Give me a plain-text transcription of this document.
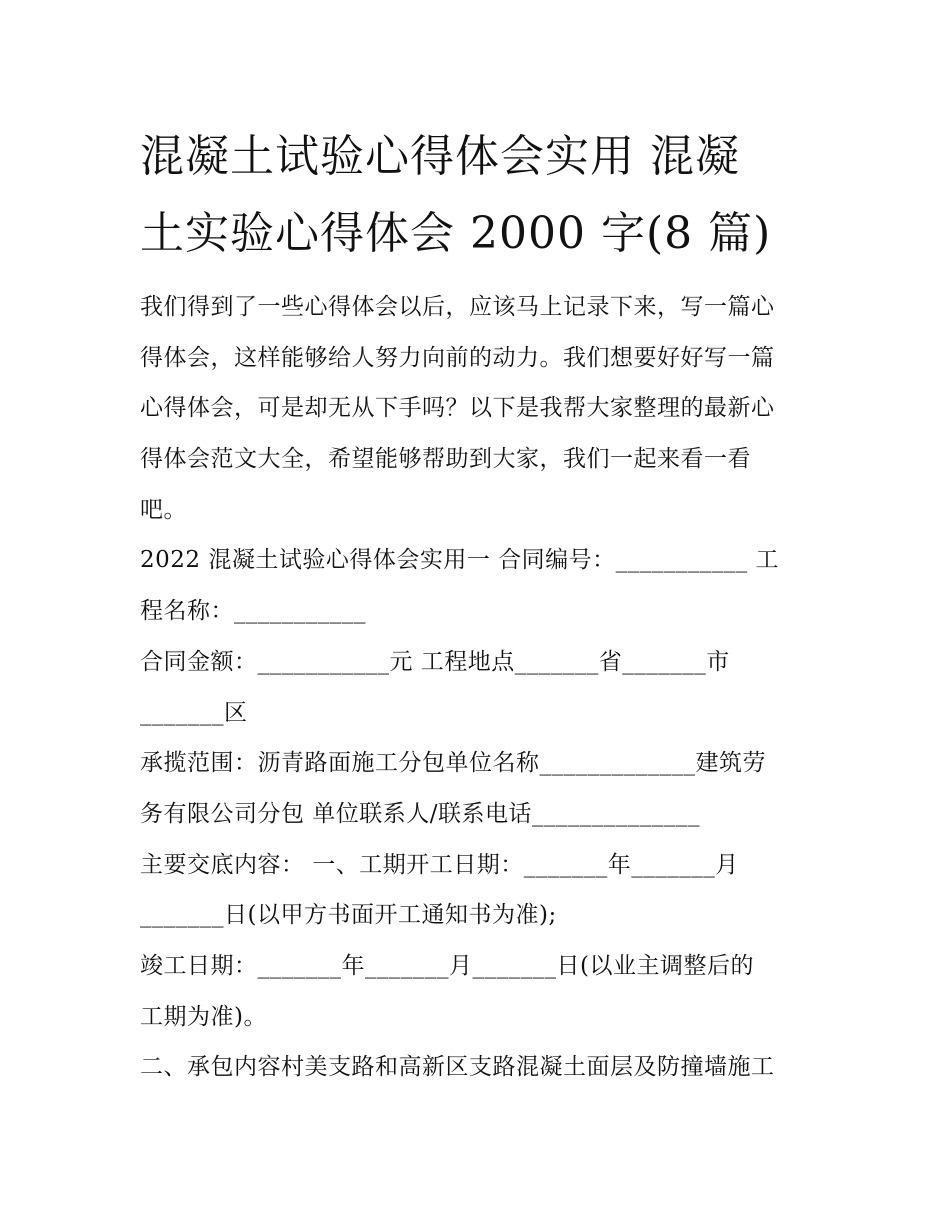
混凝土试验心得体会实用 混凝
土实验心得体会 2000 字(8 篇)
我们得到了一些心得体会以后，应该马上记录下来，写一篇心
得体会，这样能够给人努力向前的动力。我们想要好好写一篇
心得体会，可是却无从下手吗？以下是我帮大家整理的最新心
得体会范文大全，希望能够帮助到大家，我们一起来看一看
吧。
2022 混凝土试验心得体会实用一 合同编号：___________ 工
程名称：___________
合同金额：___________元 工程地点_______省_______市
_______区
承揽范围：沥青路面施工分包单位名称_____________建筑劳
务有限公司分包 单位联系人/联系电话______________
主要交底内容： 一、工期开工日期：_______年_______月
_______日(以甲方书面开工通知书为准);
竣工日期：_______年_______月_______日(以业主调整后的
工期为准)。
二、承包内容村美支路和高新区支路混凝土面层及防撞墙施工
